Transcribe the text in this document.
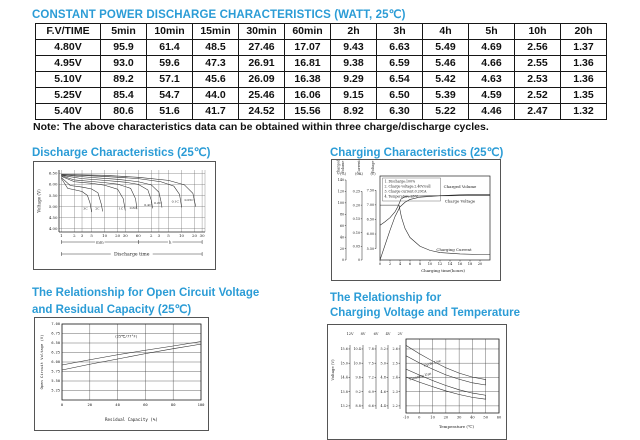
CONSTANT POWER DISCHARGE CHARACTERISTICS (WATT, 25℃)
F.V/TIME	5min	10min	15min	30min	60min	2h	3h	4h	5h	10h	20h
4.80V	95.9	61.4	48.5	27.46	17.07	9.43	6.63	5.49	4.69	2.56	1.37
4.95V	93.0	59.6	47.3	26.91	16.81	9.38	6.59	5.46	4.66	2.55	1.36
5.10V	89.2	57.1	45.6	26.09	16.38	9.29	6.54	5.42	4.63	2.53	1.36
5.25V	85.4	54.7	44.0	25.46	16.06	9.15	6.50	5.39	4.59	2.52	1.35
5.40V	80.6	51.6	41.7	24.52	15.56	8.92	6.30	5.22	4.46	2.47	1.32
Note: The above characteristics data can be obtained within three charge/discharge cycles.
Discharge Characteristics (25℃)	Charging Characteristics (25℃)
The Relationship for Open Circuit Voltage
and Residual Capacity (25℃)
The Relationship for
Charging Voltage and Temperature
4.00
4.50
5.00
5.50
6.00
6.50
1	2 3 5 10 20 30 60 2 3 5 10 20 30
Voltage (V)
min	h
Discharge time
3C 2C	1C 0.6C
0.4C
0.2C	0.1C 0.05C
140
120
100
80
60
40
20
0
Charged Volume
(%)
0.25
0.20
0.15
0.10
0.05
0
Current
(CA)
7.50
7.00
6.50
6.00
5.50
Voltage
(V)
0 2 4 6 8 10 12 14 16 18 20
Charging time(hours)
1. Discharge:100%
2. Charge voltage:2.40V/cell
3. Charge current:0.20CA
4. Temperature:25℃
Charged Volume
Charge Voltage
Charging Current
7.00
6.75
6.50
6.25
6.00
5.75
5.50
5.25
0	20	40	60	80	100
Open Circuit Voltage (V)
Residual Capacity (%)
(25℃/77°F)
12V
15.6
15.0
14.4
13.8
13.2
8V
10.4
10.0
9.6
9.2
8.8
6V
7.8
7.5
7.2
6.9
6.6
4V
5.2
5.0
4.8
4.6
4.4
2V
2.6
2.5
2.4
2.3
2.2
Voltage (V)
-10	0	10 20 30 40 50 60
Temperature (℃)
Cycle Use
Floating Use
